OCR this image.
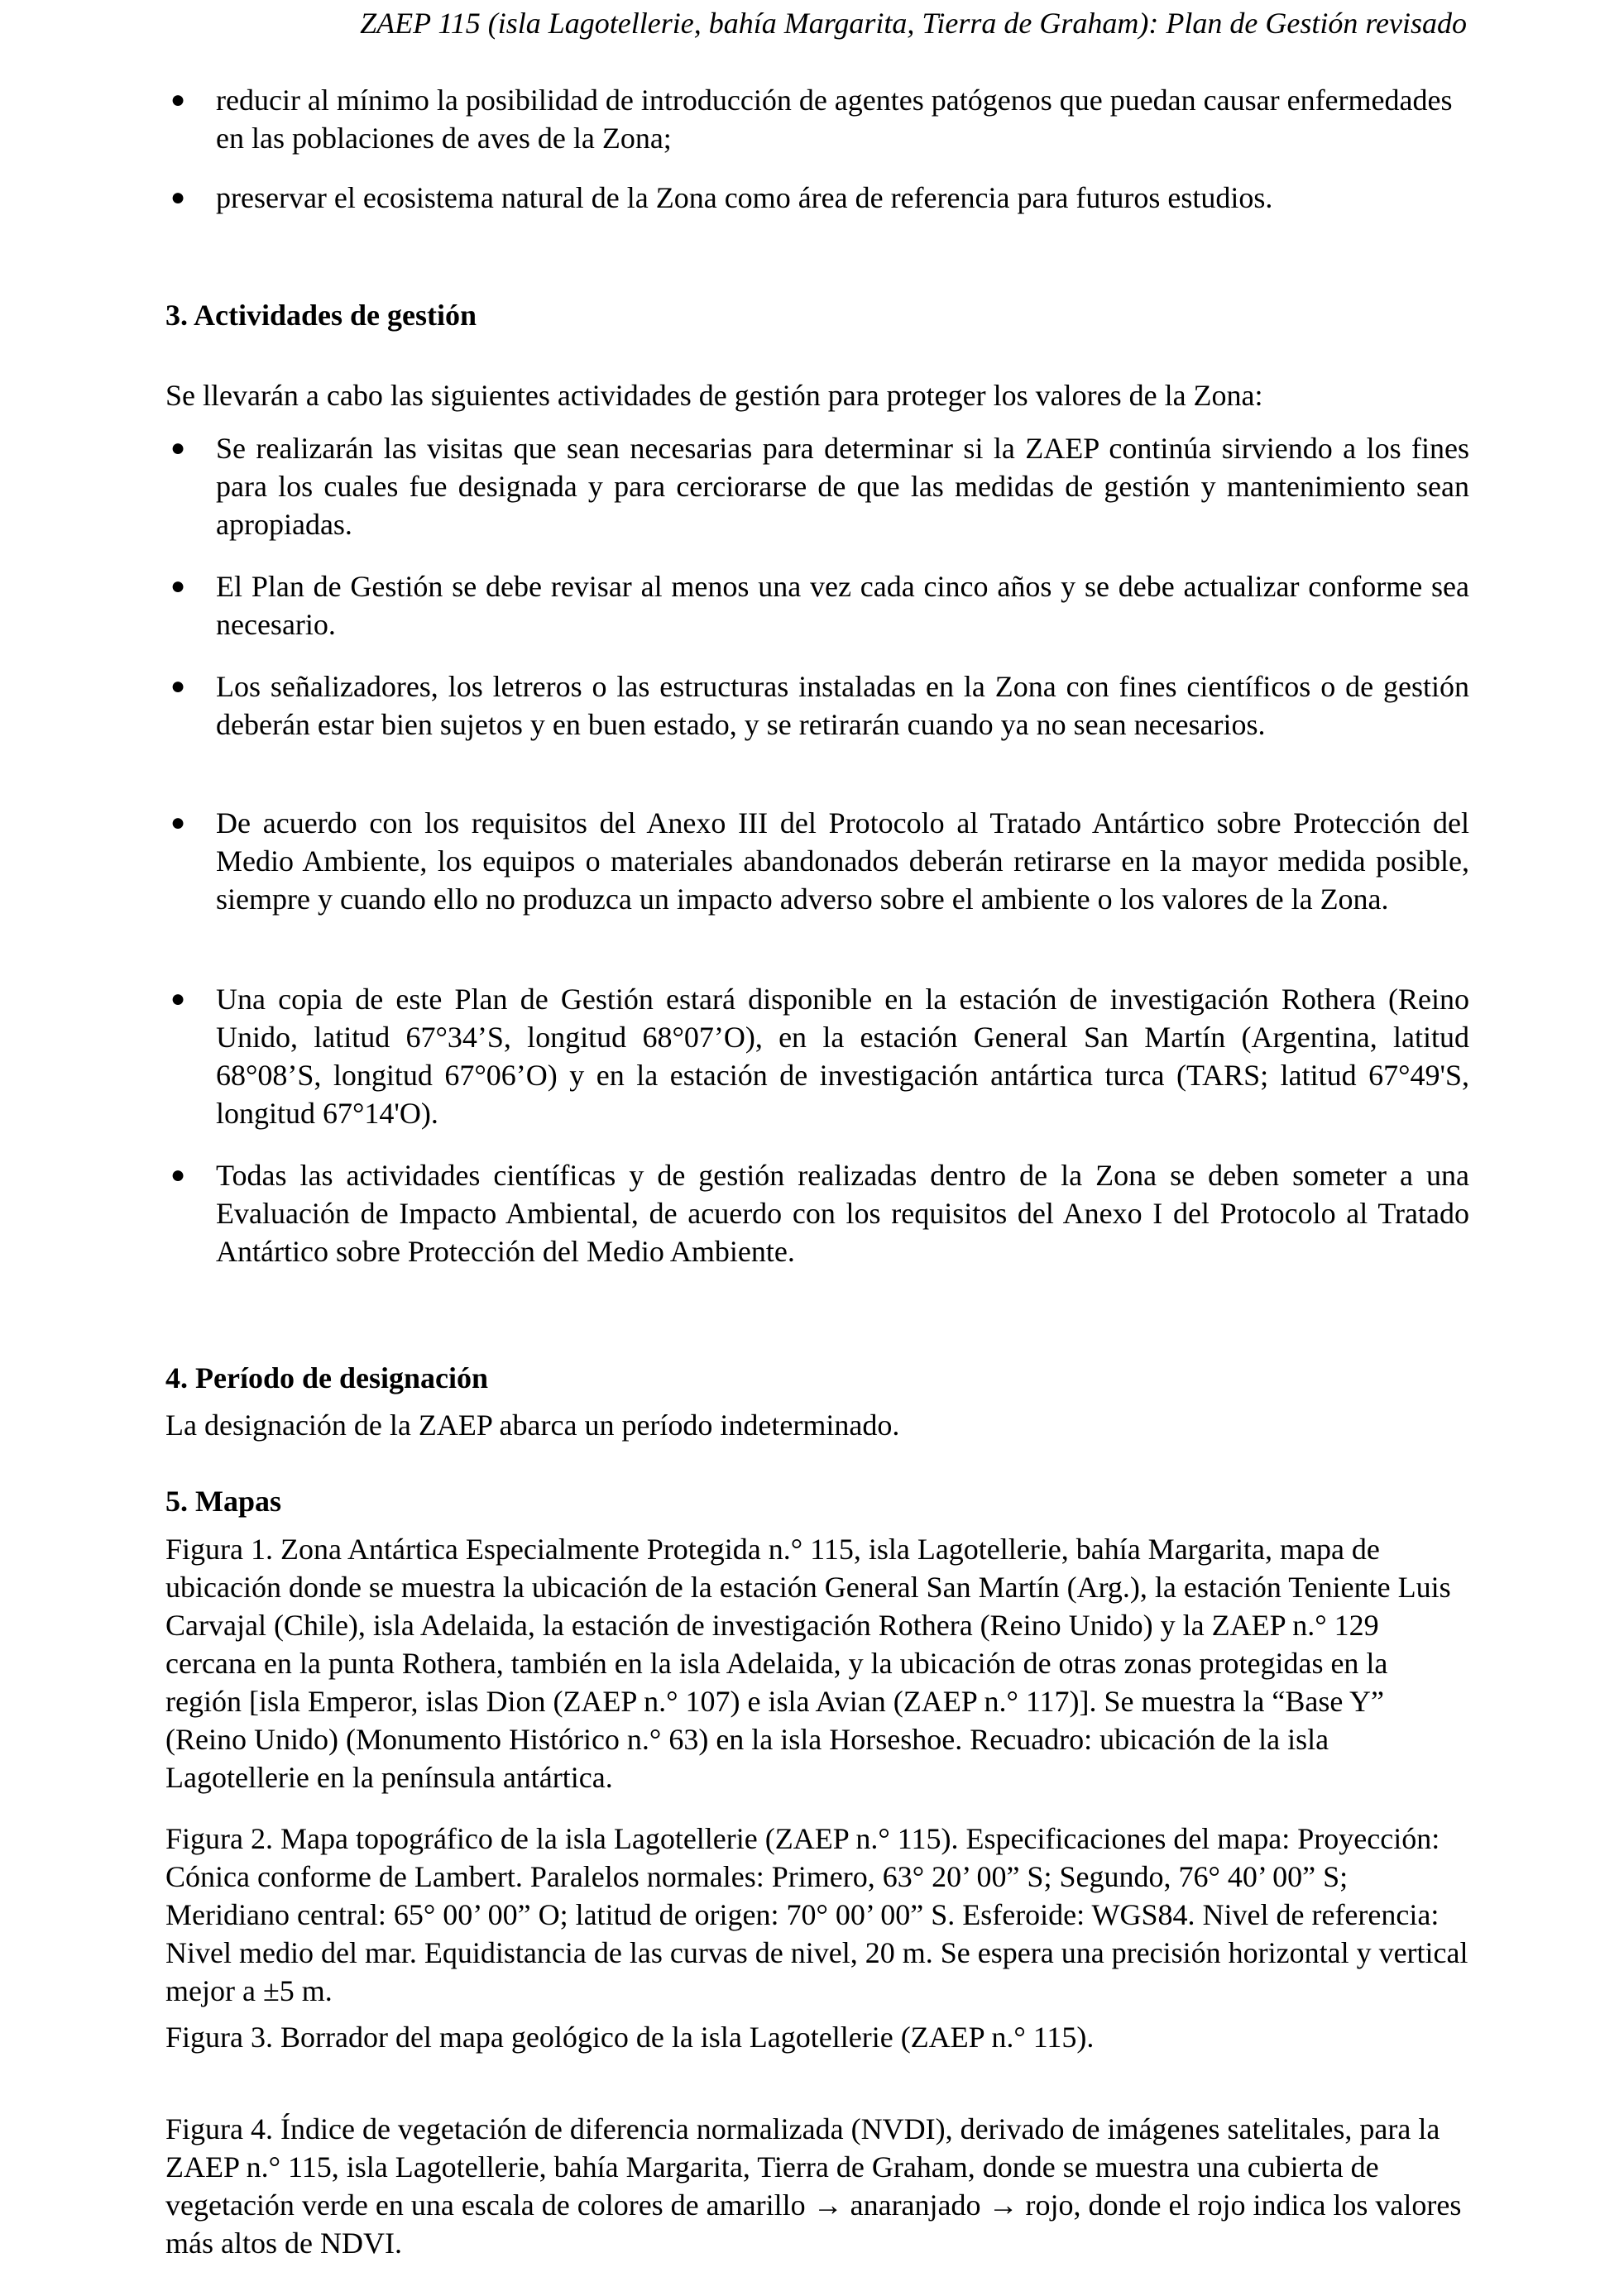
ZAEP 115 (isla Lagotellerie, bahía Margarita, Tierra de Graham): Plan de Gestión revisado
● reducir al mínimo la posibilidad de introducción de agentes patógenos que puedan causar enfermedades en las poblaciones de aves de la Zona;
● preservar el ecosistema natural de la Zona como área de referencia para futuros estudios.
3. Actividades de gestión

Se llevarán a cabo las siguientes actividades de gestión para proteger los valores de la Zona:

● Se realizarán las visitas que sean necesarias para determinar si la ZAEP continúa sirviendo a los fines para los cuales fue designada y para cerciorarse de que las medidas de gestión y mantenimiento sean apropiadas.
● El Plan de Gestión se debe revisar al menos una vez cada cinco años y se debe actualizar conforme sea necesario.
● Los señalizadores, los letreros o las estructuras instaladas en la Zona con fines científicos o de gestión deberán estar bien sujetos y en buen estado, y se retirarán cuando ya no sean necesarios.
● De acuerdo con los requisitos del Anexo III del Protocolo al Tratado Antártico sobre Protección del Medio Ambiente, los equipos o materiales abandonados deberán retirarse en la mayor medida posible, siempre y cuando ello no produzca un impacto adverso sobre el ambiente o los valores de la Zona.
● Una copia de este Plan de Gestión estará disponible en la estación de investigación Rothera (Reino Unido, latitud 67°34’S, longitud 68°07’O), en la estación General San Martín (Argentina, latitud 68°08’S, longitud 67°06’O) y en la estación de investigación antártica turca (TARS; latitud 67°49'S, longitud 67°14'O).
● Todas las actividades científicas y de gestión realizadas dentro de la Zona se deben someter a una Evaluación de Impacto Ambiental, de acuerdo con los requisitos del Anexo I del Protocolo al Tratado Antártico sobre Protección del Medio Ambiente.
4. Período de designación

La designación de la ZAEP abarca un período indeterminado.

5. Mapas

Figura 1. Zona Antártica Especialmente Protegida n.° 115, isla Lagotellerie, bahía Margarita, mapa de ubicación donde se muestra la ubicación de la estación General San Martín (Arg.), la estación Teniente Luis Carvajal (Chile), isla Adelaida, la estación de investigación Rothera (Reino Unido) y la ZAEP n.° 129 cercana en la punta Rothera, también en la isla Adelaida, y la ubicación de otras zonas protegidas en la región [isla Emperor, islas Dion (ZAEP n.° 107) e isla Avian (ZAEP n.° 117)]. Se muestra la “Base Y” (Reino Unido) (Monumento Histórico n.° 63) en la isla Horseshoe. Recuadro: ubicación de la isla Lagotellerie en la península antártica.

Figura 2. Mapa topográfico de la isla Lagotellerie (ZAEP n.° 115). Especificaciones del mapa: Proyección: Cónica conforme de Lambert. Paralelos normales: Primero, 63° 20’ 00” S; Segundo, 76° 40’ 00” S; Meridiano central: 65° 00’ 00” O; latitud de origen: 70° 00’ 00” S. Esferoide: WGS84. Nivel de referencia: Nivel medio del mar. Equidistancia de las curvas de nivel, 20 m. Se espera una precisión horizontal y vertical mejor a ±5 m.

Figura 3. Borrador del mapa geológico de la isla Lagotellerie (ZAEP n.° 115).

Figura 4. Índice de vegetación de diferencia normalizada (NVDI), derivado de imágenes satelitales, para la ZAEP n.° 115, isla Lagotellerie, bahía Margarita, Tierra de Graham, donde se muestra una cubierta de vegetación verde en una escala de colores de amarillo → anaranjado → rojo, donde el rojo indica los valores más altos de NDVI.
